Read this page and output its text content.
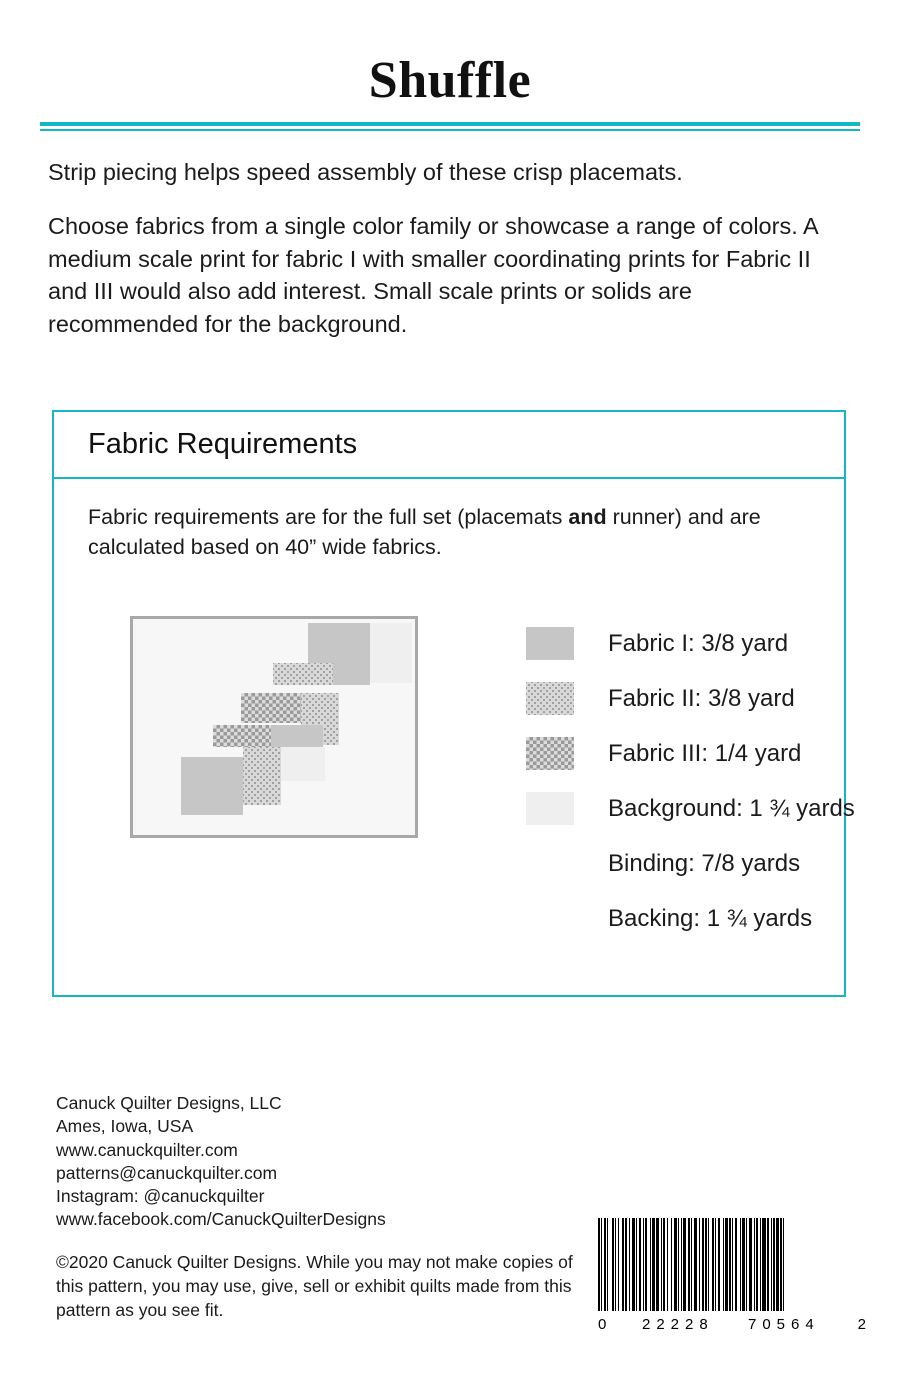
Shuffle

Strip piecing helps speed assembly of these crisp placemats.

Choose fabrics from a single color family or showcase a range of colors. A medium scale print for fabric I with smaller coordinating prints for Fabric II and III would also add interest. Small scale prints or solids are recommended for the background.

Fabric Requirements

Fabric requirements are for the full set (placemats and runner) and are calculated based on 40” wide fabrics.

Fabric I: 3/8 yard
Fabric II: 3/8 yard
Fabric III: 1/4 yard
Background: 1 ¾ yards
Binding: 7/8 yards
Backing: 1 ¾ yards
Canuck Quilter Designs, LLC
Ames, Iowa, USA
www.canuckquilter.com
patterns@canuckquilter.com
Instagram: @canuckquilter
www.facebook.com/CanuckQuilterDesigns
©2020 Canuck Quilter Designs. While you may not make copies of this pattern, you may use, give, sell or exhibit quilts made from this pattern as you see fit.
0 22228 70564	2
